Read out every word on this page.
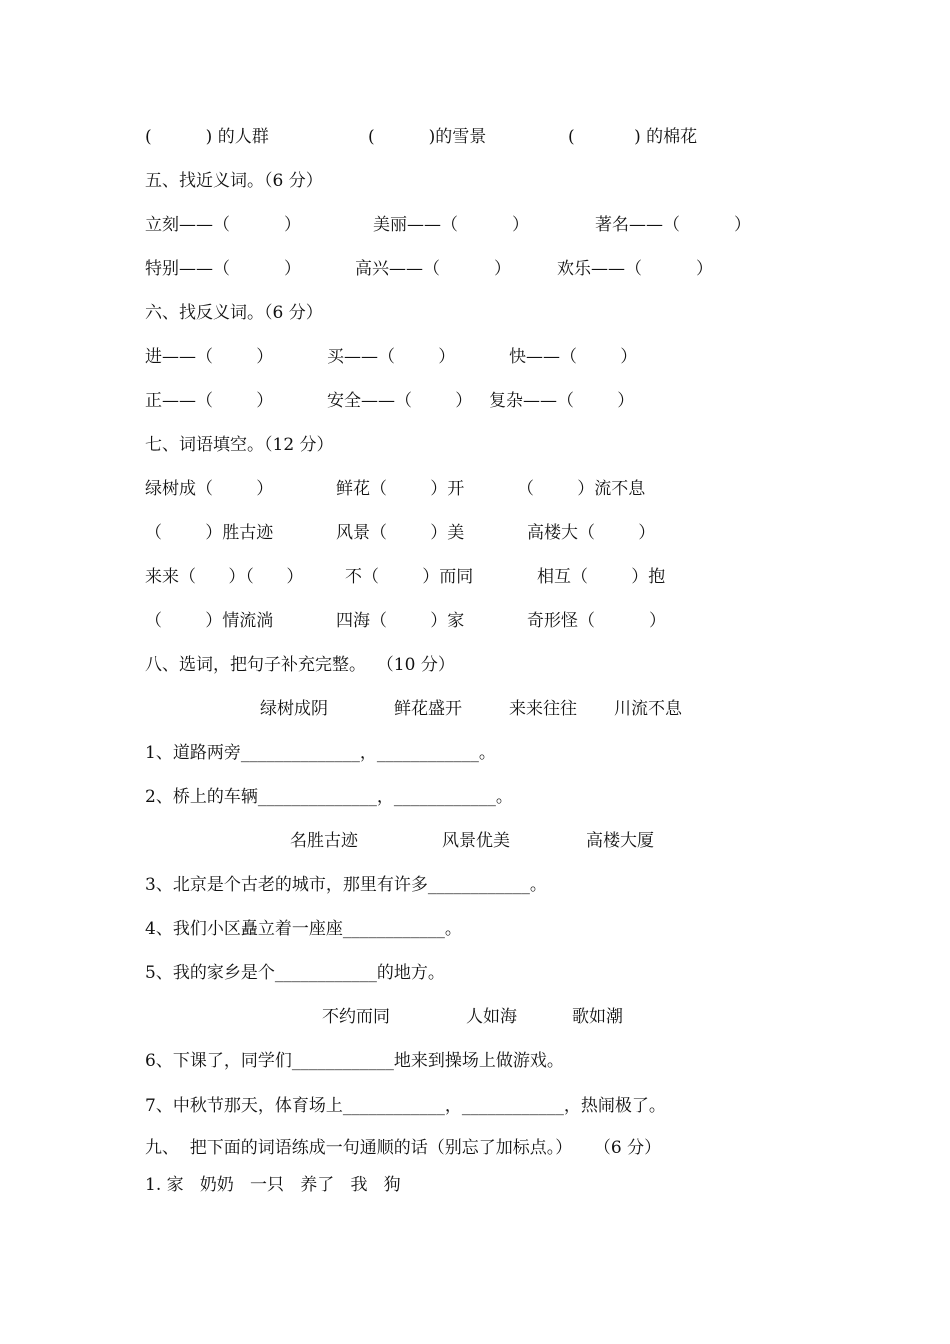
(          ) 的人群	(          )的雪景	(           ) 的棉花
五、找近义词。（6 分）
立刻——（          ）	美丽——（          ）	著名——（          ）
特别——（          ）	高兴——（          ）	欢乐——（          ）
六、找反义词。（6 分）
进——（        ）	买——（        ）	快——（        ）
正——（        ）	安全——（        ） 复杂——（        ）
七、词语填空。（12 分）
绿树成（        ）	鲜花（        ）开	（        ）流不息
（        ）胜古迹	风景（        ）美	高楼大（        ）
来来（      ）（      ） 不（        ）而同	相互（        ）抱
（        ）情流淌	四海（        ）家	奇形怪（          ）
八、选词，把句子补充完整。  （10 分）
绿树成阴	鲜花盛开	来来往往 川流不息
1、道路两旁______________，____________。
2、桥上的车辆______________，____________。
名胜古迹	风景优美	高楼大厦
3、北京是个古老的城市，那里有许多____________。
4、我们小区矗立着一座座____________。
5、我的家乡是个____________的地方。
不约而同	人如海	歌如潮
6、下课了，同学们____________地来到操场上做游戏。
7、中秋节那天，体育场上____________，____________，热闹极了。
九、  把下面的词语练成一句通顺的话（别忘了加标点。）    （6 分）
1. 家   奶奶   一只   养了   我   狗
